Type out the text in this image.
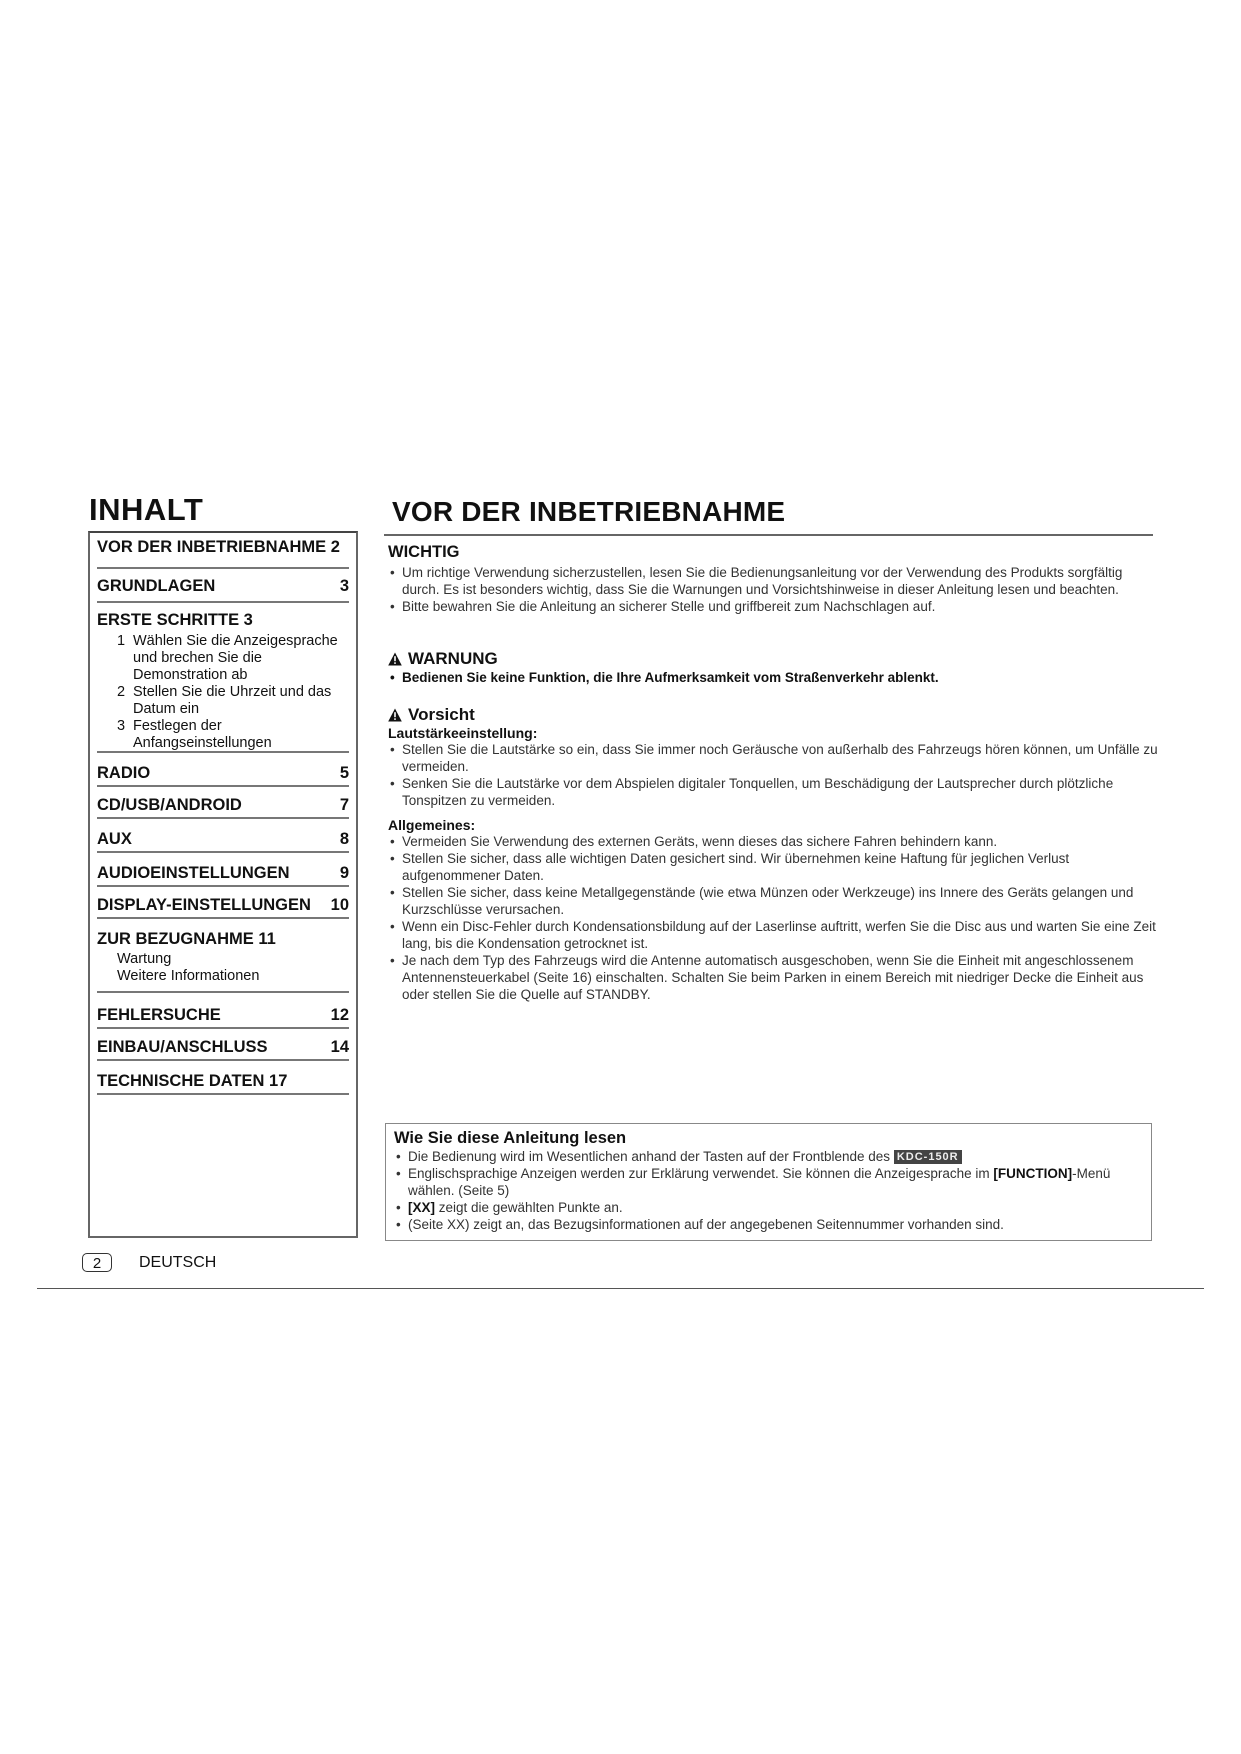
INHALT
VOR DER INBETRIEBNAHME 2
GRUNDLAGEN	3
ERSTE SCHRITTE 3
1 Wählen Sie die Anzeigesprache und brechen Sie die Demonstration ab
2 Stellen Sie die Uhrzeit und das Datum ein
3 Festlegen der Anfangseinstellungen
RADIO	5
CD/USB/ANDROID	7
AUX	8
AUDIOEINSTELLUNGEN	9
DISPLAY-EINSTELLUNGEN 10
ZUR BEZUGNAHME 11
Wartung
Weitere Informationen
FEHLERSUCHE	12
EINBAU/ANSCHLUSS	14
TECHNISCHE DATEN 17
VOR DER INBETRIEBNAHME
WICHTIG
• Um richtige Verwendung sicherzustellen, lesen Sie die Bedienungsanleitung vor der Verwendung des Produkts sorgfältig durch. Es ist besonders wichtig, dass Sie die Warnungen und Vorsichtshinweise in dieser Anleitung lesen und beachten.
• Bitte bewahren Sie die Anleitung an sicherer Stelle und griffbereit zum Nachschlagen auf.
WARNUNG
• Bedienen Sie keine Funktion, die Ihre Aufmerksamkeit vom Straßenverkehr ablenkt.
Vorsicht
Lautstärkeeinstellung:
• Stellen Sie die Lautstärke so ein, dass Sie immer noch Geräusche von außerhalb des Fahrzeugs hören können, um Unfälle zu vermeiden.
• Senken Sie die Lautstärke vor dem Abspielen digitaler Tonquellen, um Beschädigung der Lautsprecher durch plötzliche Tonspitzen zu vermeiden.
Allgemeines:
• Vermeiden Sie Verwendung des externen Geräts, wenn dieses das sichere Fahren behindern kann.
• Stellen Sie sicher, dass alle wichtigen Daten gesichert sind. Wir übernehmen keine Haftung für jeglichen Verlust aufgenommener Daten.
• Stellen Sie sicher, dass keine Metallgegenstände (wie etwa Münzen oder Werkzeuge) ins Innere des Geräts gelangen und Kurzschlüsse verursachen.
• Wenn ein Disc-Fehler durch Kondensationsbildung auf der Laserlinse auftritt, werfen Sie die Disc aus und warten Sie eine Zeit lang, bis die Kondensation getrocknet ist.
• Je nach dem Typ des Fahrzeugs wird die Antenne automatisch ausgeschoben, wenn Sie die Einheit mit angeschlossenem Antennensteuerkabel (Seite 16) einschalten. Schalten Sie beim Parken in einem Bereich mit niedriger Decke die Einheit aus oder stellen Sie die Quelle auf STANDBY.
Wie Sie diese Anleitung lesen
• Die Bedienung wird im Wesentlichen anhand der Tasten auf der Frontblende des KDC-150R
• Englischsprachige Anzeigen werden zur Erklärung verwendet. Sie können die Anzeigesprache im [FUNCTION]-Menü wählen. (Seite 5)
• [XX] zeigt die gewählten Punkte an.
• (Seite XX) zeigt an, das Bezugsinformationen auf der angegebenen Seitennummer vorhanden sind.
2	DEUTSCH
